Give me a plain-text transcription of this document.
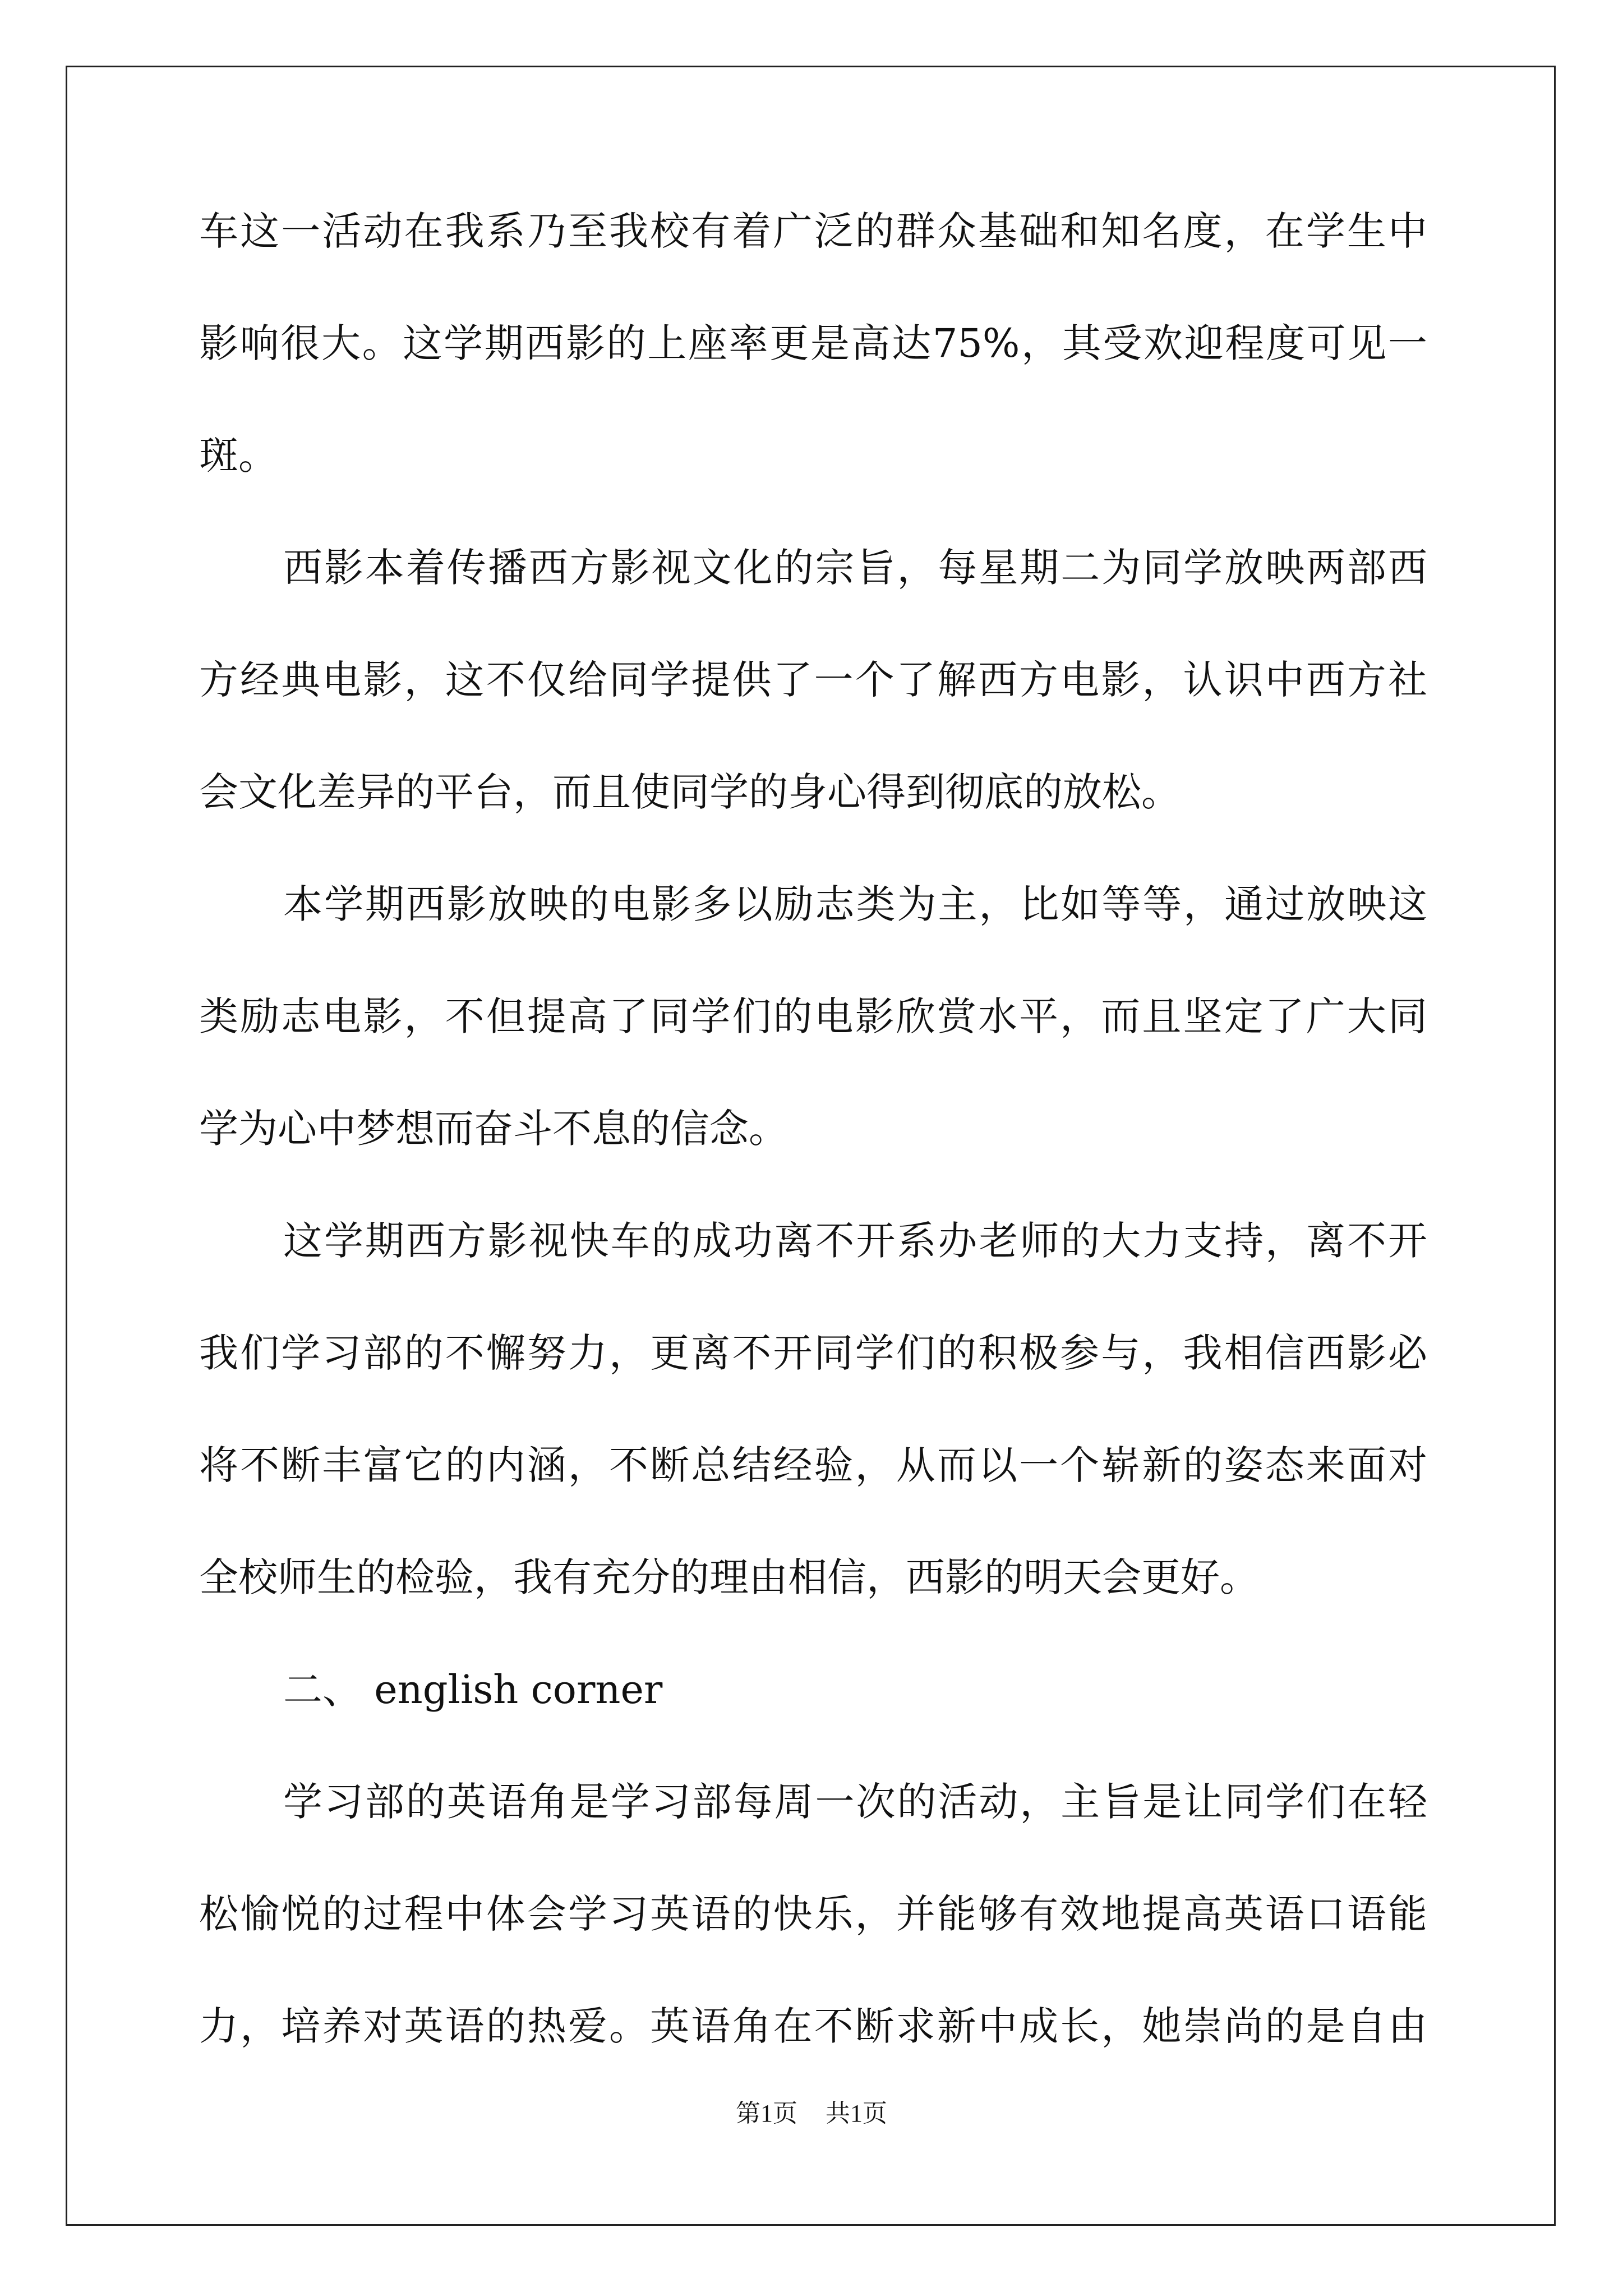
车这一活动在我系乃至我校有着广泛的群众基础和知名度，在学生中
影响很大。这学期西影的上座率更是高达75%，其受欢迎程度可见一
斑。
西影本着传播西方影视文化的宗旨，每星期二为同学放映两部西
方经典电影，这不仅给同学提供了一个了解西方电影，认识中西方社
会文化差异的平台，而且使同学的身心得到彻底的放松。
本学期西影放映的电影多以励志类为主，比如等等，通过放映这
类励志电影，不但提高了同学们的电影欣赏水平，而且坚定了广大同
学为心中梦想而奋斗不息的信念。
这学期西方影视快车的成功离不开系办老师的大力支持，离不开
我们学习部的不懈努力，更离不开同学们的积极参与，我相信西影必
将不断丰富它的内涵，不断总结经验，从而以一个崭新的姿态来面对
全校师生的检验，我有充分的理由相信，西影的明天会更好。
二、 english corner
学习部的英语角是学习部每周一次的活动，主旨是让同学们在轻
松愉悦的过程中体会学习英语的快乐，并能够有效地提高英语口语能
力，培养对英语的热爱。英语角在不断求新中成长，她崇尚的是自由
第1页 共1页
